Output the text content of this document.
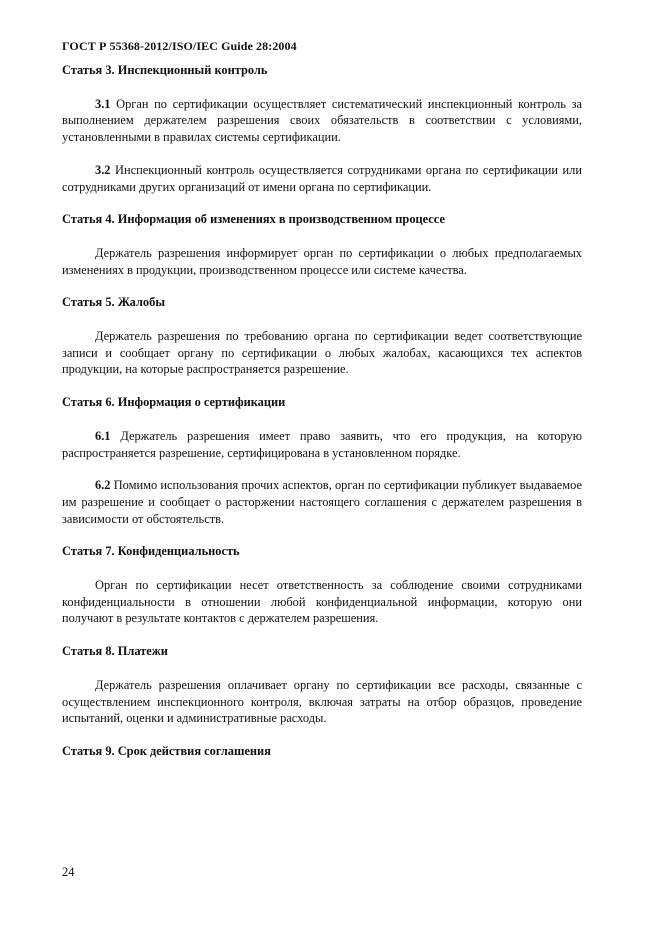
ГОСТ Р 55368-2012/ISO/IEC Guide 28:2004
Статья 3. Инспекционный контроль

3.1 Орган по сертификации осуществляет систематический инспекционный контроль за выполнением держателем разрешения своих обязательств в соответствии с условиями, установленными в правилах системы сертификации.

3.2 Инспекционный контроль осуществляется сотрудниками органа по сертификации или сотрудниками других организаций от имени органа по сертификации.

Статья 4. Информация об изменениях в производственном процессе

Держатель разрешения информирует орган по сертификации о любых предполагаемых изменениях в продукции, производственном процессе или системе качества.

Статья 5. Жалобы

Держатель разрешения по требованию органа по сертификации ведет соответствующие записи и сообщает органу по сертификации о любых жалобах, касающихся тех аспектов продукции, на которые распространяется разрешение.

Статья 6. Информация о сертификации

6.1 Держатель разрешения имеет право заявить, что его продукция, на которую распространяется разрешение, сертифицирована в установленном порядке.

6.2 Помимо использования прочих аспектов, орган по сертификации публикует выдаваемое им разрешение и сообщает о расторжении настоящего соглашения с держателем разрешения в зависимости от обстоятельств.

Статья 7. Конфиденциальность

Орган по сертификации несет ответственность за соблюдение своими сотрудниками конфиденциальности в отношении любой конфиденциальной информации, которую они получают в результате контактов с держателем разрешения.

Статья 8. Платежи

Держатель разрешения оплачивает органу по сертификации все расходы, связанные с осуществлением инспекционного контроля, включая затраты на отбор образцов, проведение испытаний, оценки и административные расходы.

Статья 9. Срок действия соглашения
24
